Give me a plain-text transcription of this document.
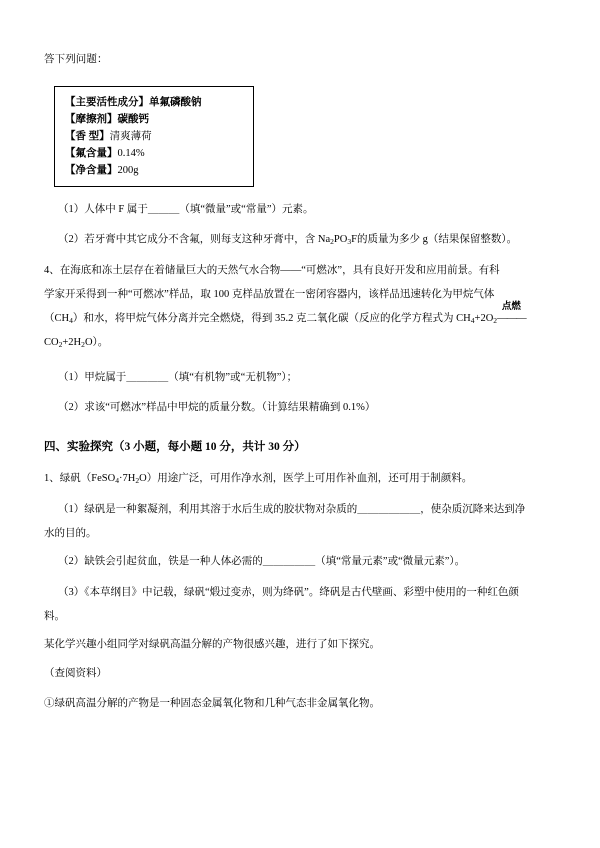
答下列问题：
【主要活性成分】单氟磷酸钠
【摩擦剂】碳酸钙
【香 型】清爽薄荷
【氟含量】0.14%
【净含量】200g
（1）人体中 F 属于＿＿＿（填“微量”或“常量”）元素。
（2）若牙膏中其它成分不含氟，则每支这种牙膏中，含 $Na_2PO_3F$的质量为多少 g（结果保留整数）。
4、在海底和冻土层存在着储量巨大的天然气水合物——“可燃冰”，具有良好开发和应用前景。有科
学家开采得到一种“可燃冰”样品，取 100 克样品放置在一密闭容器内，该样品迅速转化为甲烷气体
$(CH_4)$和水，将甲烷气体分离并完全燃烧，得到 35.2 克二氧化碳（反应的化学方程式为 $CH_4+2O_2$
点燃
———
$CO_2+2H_2O$）。
（1）甲烷属于＿＿＿＿（填“有机物”或“无机物”）；
（2）求该“可燃冰”样品中甲烷的质量分数。（计算结果精确到 0.1%）
四、实验探究（3 小题，每小题 10 分，共计 30 分）
1、绿矾$(FeSO_4\cdot 7H_2O)$用途广泛，可用作净水剂，医学上可用作补血剂，还可用于制颜料。
（1）绿矾是一种絮凝剂，利用其溶于水后生成的胶状物对杂质的＿＿＿＿＿＿，使杂质沉降来达到净
水的目的。
（2）缺铁会引起贫血，铁是一种人体必需的＿＿＿＿＿（填“常量元素”或“微量元素”）。
（3）《本草纲目》中记载，绿矾“煅过变赤，则为绛矾”。绛矾是古代壁画、彩塑中使用的一种红色颜
料。
某化学兴趣小组同学对绿矾高温分解的产物很感兴趣，进行了如下探究。
（查阅资料）
①绿矾高温分解的产物是一种固态金属氧化物和几种气态非金属氧化物。
